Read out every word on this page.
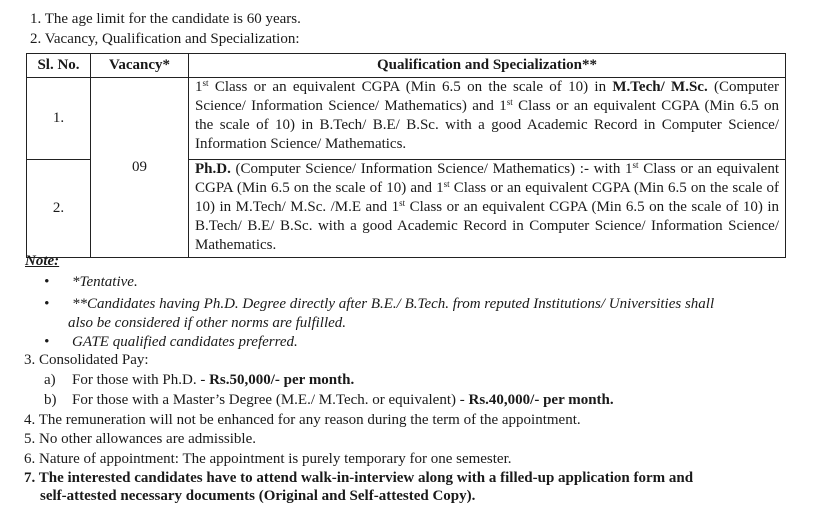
1. The age limit for the candidate is 60 years.
2. Vacancy, Qualification and Specialization:
Sl. No.	Vacancy*	Qualification and Specialization**
1.	09	1st Class or an equivalent CGPA (Min 6.5 on the scale of 10) in M.Tech/ M.Sc. (Computer Science/ Information Science/ Mathematics) and 1st Class or an equivalent CGPA (Min 6.5 on the scale of 10) in B.Tech/ B.E/ B.Sc. with a good Academic Record in Computer Science/ Information Science/ Mathematics.
2.		Ph.D. (Computer Science/ Information Science/ Mathematics) :- with 1st Class or an equivalent CGPA (Min 6.5 on the scale of 10) and 1st Class or an equivalent CGPA (Min 6.5 on the scale of 10) in M.Tech/ M.Sc. /M.E and 1st Class or an equivalent CGPA (Min 6.5 on the scale of 10) in B.Tech/ B.E/ B.Sc. with a good Academic Record in Computer Science/ Information Science/ Mathematics.
Note:
• *Tentative.
• **Candidates having Ph.D. Degree directly after B.E./ B.Tech. from reputed Institutions/ Universities shall
also be considered if other norms are fulfilled.
• GATE qualified candidates preferred.
3. Consolidated Pay:
a) For those with Ph.D. - Rs.50,000/- per month.
b) For those with a Master’s Degree (M.E./ M.Tech. or equivalent) - Rs.40,000/- per month.
4. The remuneration will not be enhanced for any reason during the term of the appointment.
5. No other allowances are admissible.
6. Nature of appointment: The appointment is purely temporary for one semester.
7. The interested candidates have to attend walk-in-interview along with a filled-up application form and
self-attested necessary documents (Original and Self-attested Copy).
